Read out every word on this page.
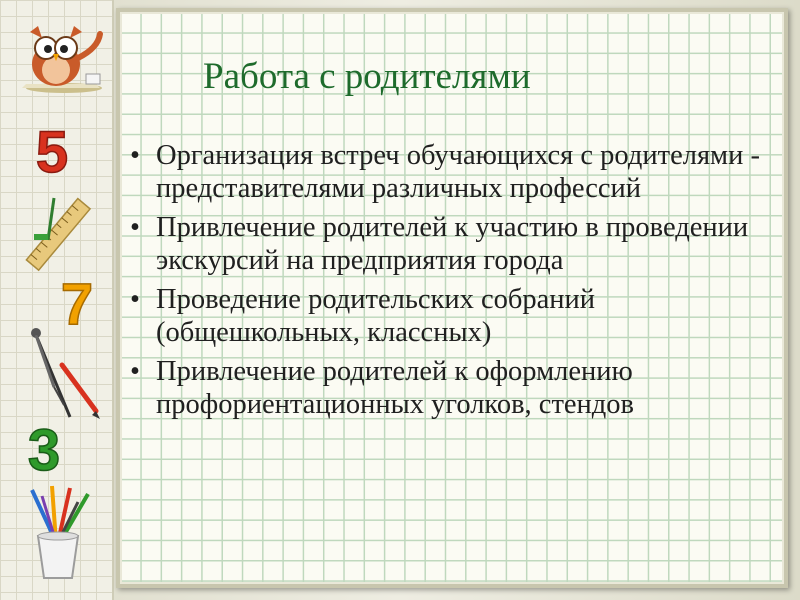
5
7
3
Работа с родителями
• Организация встреч обучающихся с родителями - представителями различных профессий
• Привлечение родителей к участию в проведении экскурсий на предприятия города
• Проведение родительских собраний (общешкольных, классных)
• Привлечение родителей к оформлению профориентационных уголков, стендов
